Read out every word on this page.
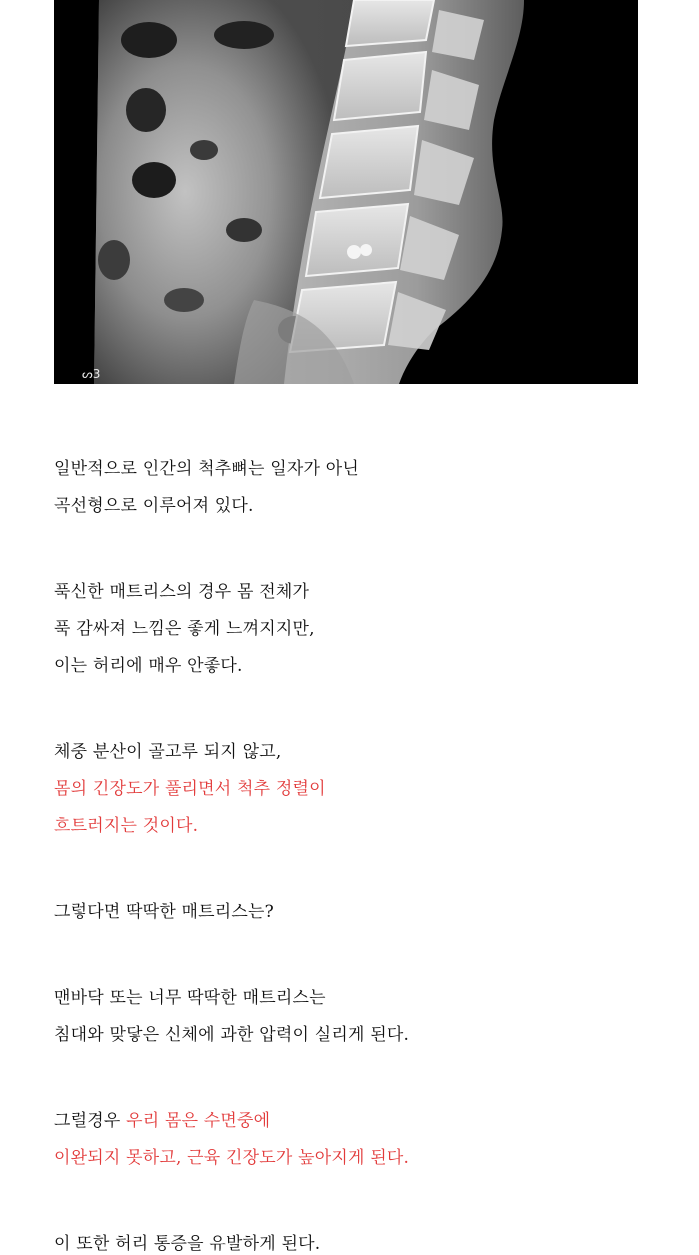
ᔕ3
일반적으로 인간의 척추뼈는 일자가 아닌
곡선형으로 이루어져 있다.
푹신한 매트리스의 경우 몸 전체가
푹 감싸져 느낌은 좋게 느껴지지만,
이는 허리에 매우 안좋다.
체중 분산이 골고루 되지 않고,
몸의 긴장도가 풀리면서 척추 정렬이
흐트러지는 것이다.
그렇다면 딱딱한 매트리스는?
맨바닥 또는 너무 딱딱한 매트리스는
침대와 맞닿은 신체에 과한 압력이 실리게 된다.
그럴경우 우리 몸은 수면중에
이완되지 못하고, 근육 긴장도가 높아지게 된다.
이 또한 허리 통증을 유발하게 된다.
